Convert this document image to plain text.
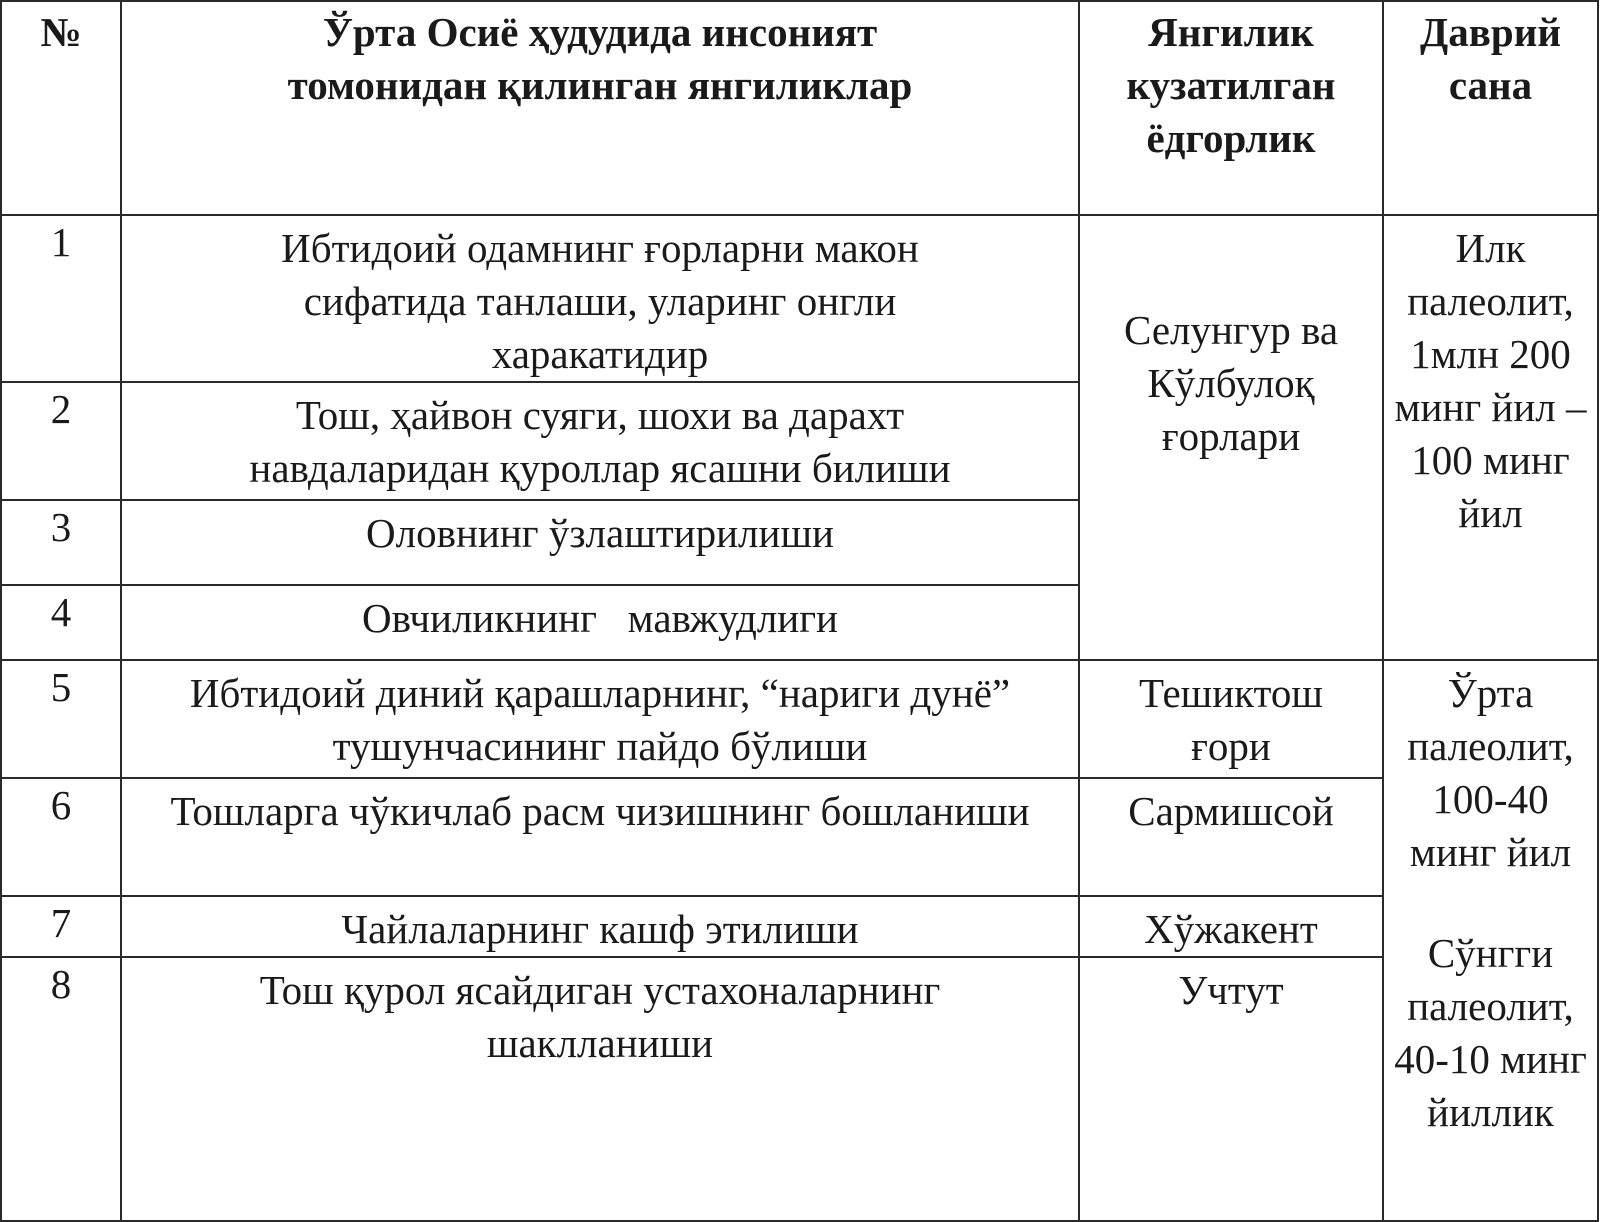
№	Ўрта Осиё ҳудудида инсоният томонидан қилинган янгиликлар	Янгилик кузатилган ёдгорлик	Даврий сана

1	Ибтидоий одамнинг ғорларни макон сифатида танлаши, уларинг онгли харакатидир	Селунгур ва Кўлбулоқ ғорлари	Илк палеолит, 1млн 200 минг йил – 100 минг йил

2	Тош, ҳайвон суяги, шохи ва дарахт навдаларидан қуроллар ясашни билиши		

3	Оловнинг ўзлаштирилиши		

4	Овчиликнинг   мавжудлиги		

5	Ибтидоий диний қарашларнинг, “нариги дунё” тушунчасининг пайдо бўлиши	Тешиктош ғори	Ўрта палеолит, 100-40 минг йил
Сўнгги палеолит, 40-10 минг йиллик

6	Тошларга чўкичлаб расм чизишнинг бошланиши	Сармишсой	

7	Чайлаларнинг кашф этилиши	Хўжакент	

8	Тош қурол ясайдиган устахоналарнинг шаклланиши	Учтут	
